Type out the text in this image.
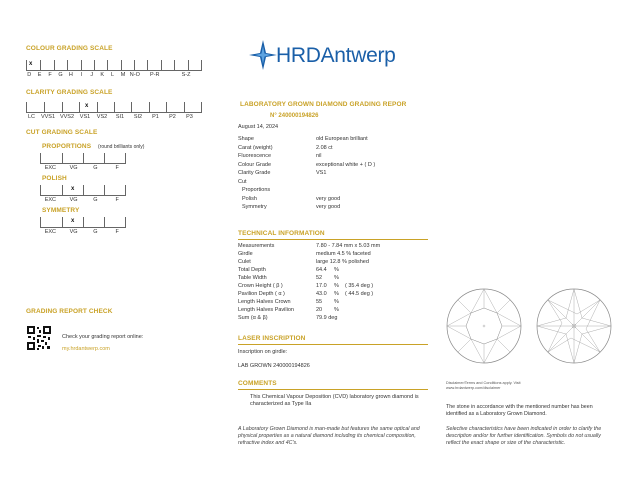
HRDAntwerp
COLOUR GRADING SCALE
x
D	E	F	G	H	I	J	K	L	M N-O	P-R	S-Z
CLARITY GRADING SCALE
x
LC	VVS1 VVS2	VS1	VS2	SI1	SI2	P1	P2	P3
CUT GRADING SCALE
PROPORTIONS (round brilliants only)
EXC	VG	G	F
POLISH
x
EXC	VG	G	F
SYMMETRY
x
EXC	VG	G	F
GRADING REPORT CHECK
Check your grading report online:
my.hrdantwerp.com
LABORATORY GROWN DIAMOND GRADING REPOR
N° 240000194826
August 14, 2024
Shape	old European brilliant
Carat (weight)	2.08 ct
Fluorescence	nil
Colour Grade	exceptional white + ( D )
Clarity Grade	VS1
Cut
Proportions
Polish	very good
Symmetry	very good
TECHNICAL INFORMATION
Measurements	7.80 - 7.84 mm x 5.03 mm
Girdle	medium 4.5 % faceted
Culet	large 12.8 % polished
Total Depth	64.4 %
Table Width	52 %
Crown Height ( β )	17.0 %    ( 35.4 deg )
Pavilion Depth ( α )	43.0 %    ( 44.5 deg )
Length Halves Crown	55 %
Length Halves Pavilion	20 %
Sum (α & β)	79.9 deg
LASER INSCRIPTION
Inscription on girdle:
LAB GROWN 240000194826
COMMENTS
This Chemical Vapour Deposition (CVD) laboratory grown diamond is characterized as Type IIa
A Laboratory Grown Diamond is man-made but features the same optical and physical properties as a natural diamond including its chemical composition, refractive index and 4C's.
Disclaimer/Terms and Conditions apply. Visit www.hrdantwerp.com/disclaimer
The stone in accordance with the mentioned number has been identified as a Laboratory Grown Diamond.
Selective characteristics have been indicated in order to clarify the description and/or for further identification. Symbols do not usually reflect the exact shape or size of the characteristic.
